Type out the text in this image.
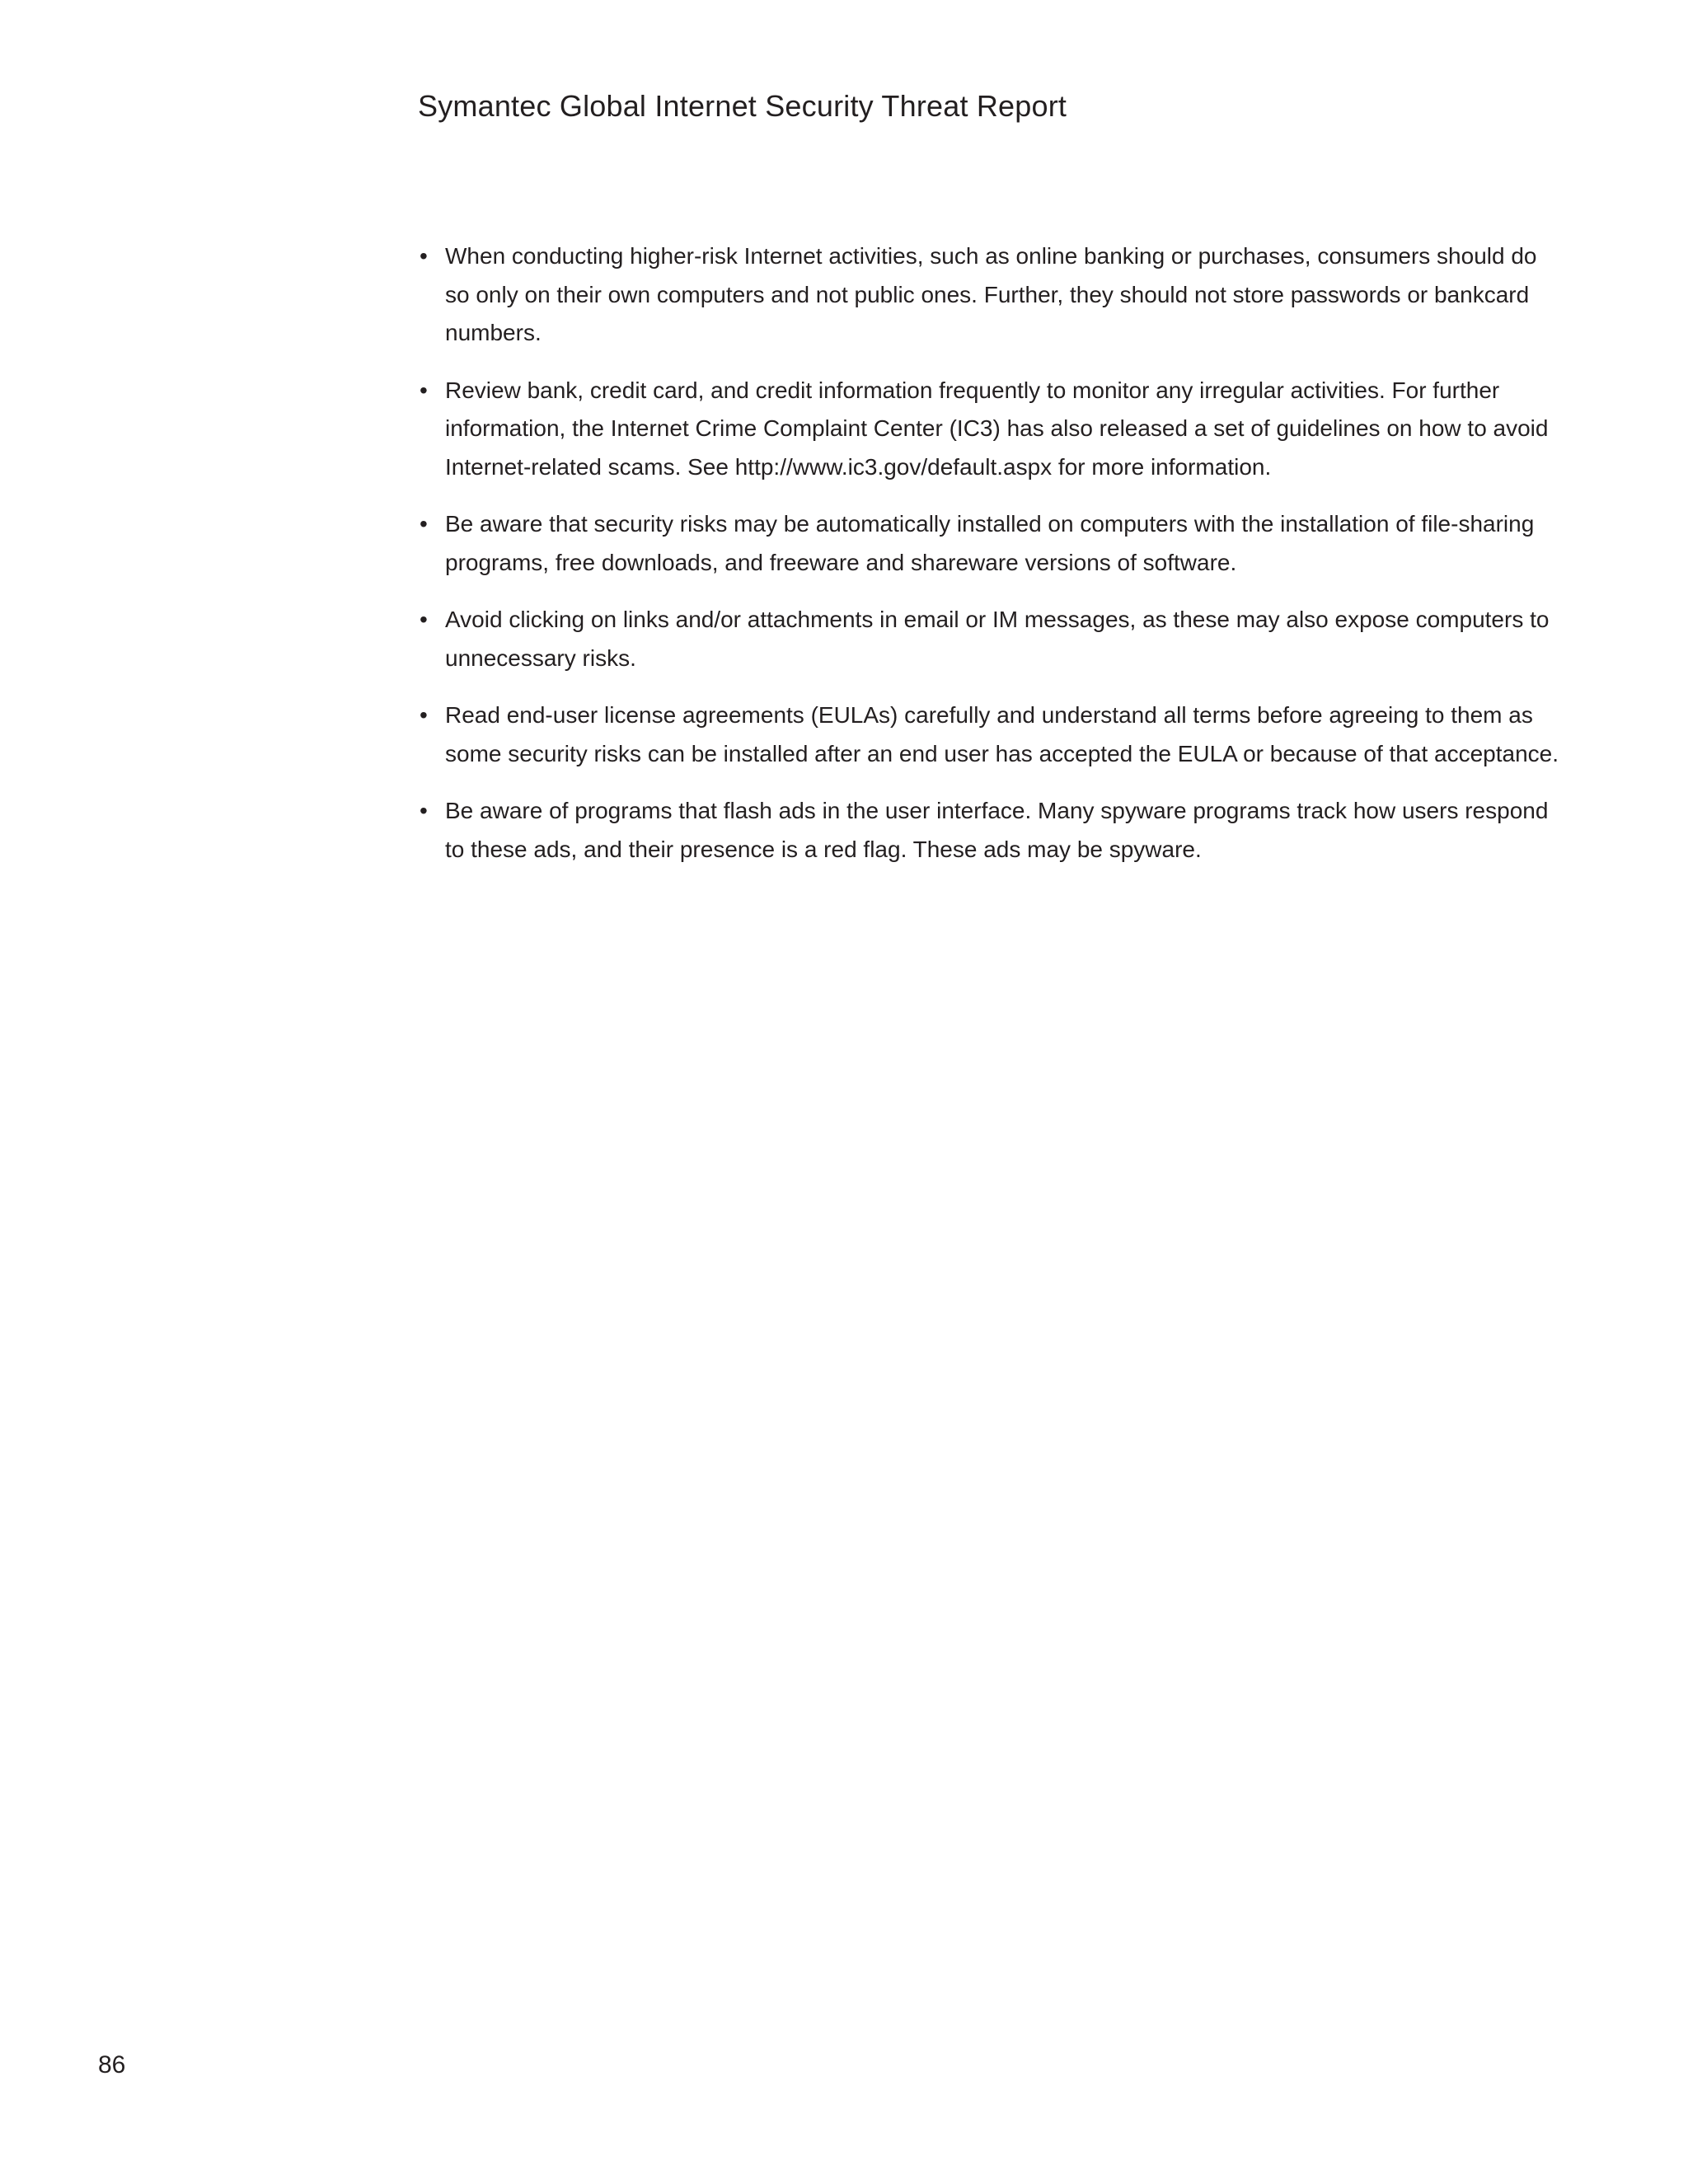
Symantec Global Internet Security Threat Report
• When conducting higher-risk Internet activities, such as online banking or purchases, consumers should do so only on their own computers and not public ones. Further, they should not store passwords or bankcard numbers.
• Review bank, credit card, and credit information frequently to monitor any irregular activities. For further information, the Internet Crime Complaint Center (IC3) has also released a set of guidelines on how to avoid Internet-related scams. See http://www.ic3.gov/default.aspx for more information.
• Be aware that security risks may be automatically installed on computers with the installation of file-sharing programs, free downloads, and freeware and shareware versions of software.
• Avoid clicking on links and/or attachments in email or IM messages, as these may also expose computers to unnecessary risks.
• Read end-user license agreements (EULAs) carefully and understand all terms before agreeing to them as some security risks can be installed after an end user has accepted the EULA or because of that acceptance.
• Be aware of programs that flash ads in the user interface. Many spyware programs track how users respond to these ads, and their presence is a red flag. These ads may be spyware.
86
